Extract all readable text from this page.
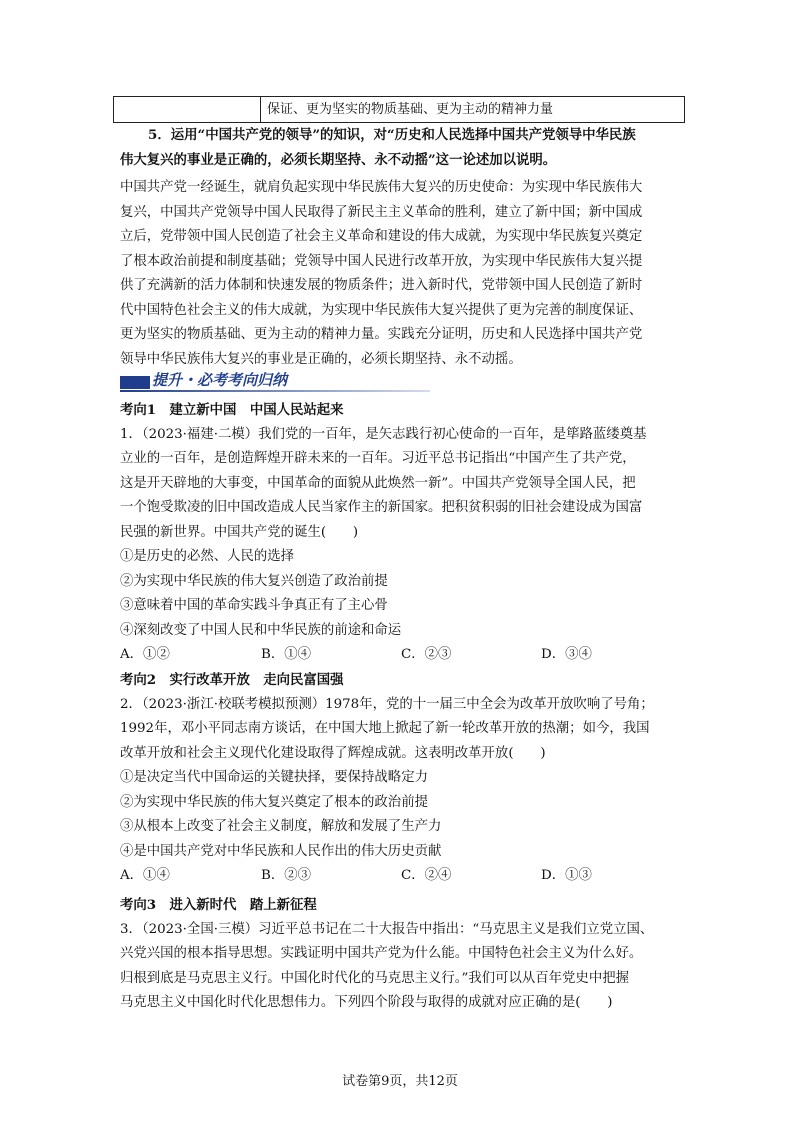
保证、更为坚实的物质基础、更为主动的精神力量
5．运用“中国共产党的领导”的知识，对“历史和人民选择中国共产党领导中华民族
伟大复兴的事业是正确的，必须长期坚持、永不动摇”这一论述加以说明。
中国共产党一经诞生，就肩负起实现中华民族伟大复兴的历史使命：为实现中华民族伟大
复兴，中国共产党领导中国人民取得了新民主主义革命的胜利，建立了新中国；新中国成
立后，党带领中国人民创造了社会主义革命和建设的伟大成就，为实现中华民族复兴奠定
了根本政治前提和制度基础；党领导中国人民进行改革开放，为实现中华民族伟大复兴提
供了充满新的活力体制和快速发展的物质条件；进入新时代，党带领中国人民创造了新时
代中国特色社会主义的伟大成就，为实现中华民族伟大复兴提供了更为完善的制度保证、
更为坚实的物质基础、更为主动的精神力量。实践充分证明，历史和人民选择中国共产党
领导中华民族伟大复兴的事业是正确的，必须长期坚持、永不动摇。
提升・必考考向归纳
考向1　建立新中国　中国人民站起来
1．（2023·福建·二模）我们党的一百年，是矢志践行初心使命的一百年，是筚路蓝缕奠基
立业的一百年，是创造辉煌开辟未来的一百年。习近平总书记指出“中国产生了共产党，
这是开天辟地的大事变，中国革命的面貌从此焕然一新”。中国共产党领导全国人民，把
一个饱受欺凌的旧中国改造成人民当家作主的新国家。把积贫积弱的旧社会建设成为国富
民强的新世界。中国共产党的诞生(　　)
①是历史的必然、人民的选择
②为实现中华民族的伟大复兴创造了政治前提
③意味着中国的革命实践斗争真正有了主心骨
④深刻改变了中国人民和中华民族的前途和命运
A．①②	B．①④	C．②③	D．③④
考向2　实行改革开放　走向民富国强
2．（2023·浙江·校联考模拟预测）1978年，党的十一届三中全会为改革开放吹响了号角；
1992年，邓小平同志南方谈话，在中国大地上掀起了新一轮改革开放的热潮；如今，我国
改革开放和社会主义现代化建设取得了辉煌成就。这表明改革开放(　　)
①是决定当代中国命运的关键抉择，要保持战略定力
②为实现中华民族的伟大复兴奠定了根本的政治前提
③从根本上改变了社会主义制度，解放和发展了生产力
④是中国共产党对中华民族和人民作出的伟大历史贡献
A．①④	B．②③	C．②④	D．①③
考向3　进入新时代　踏上新征程
3．（2023·全国·三模）习近平总书记在二十大报告中指出：“马克思主义是我们立党立国、
兴党兴国的根本指导思想。实践证明中国共产党为什么能。中国特色社会主义为什么好。
归根到底是马克思主义行。中国化时代化的马克思主义行。”我们可以从百年党史中把握
马克思主义中国化时代化思想伟力。下列四个阶段与取得的成就对应正确的是(　　)
试卷第9页，共12页
